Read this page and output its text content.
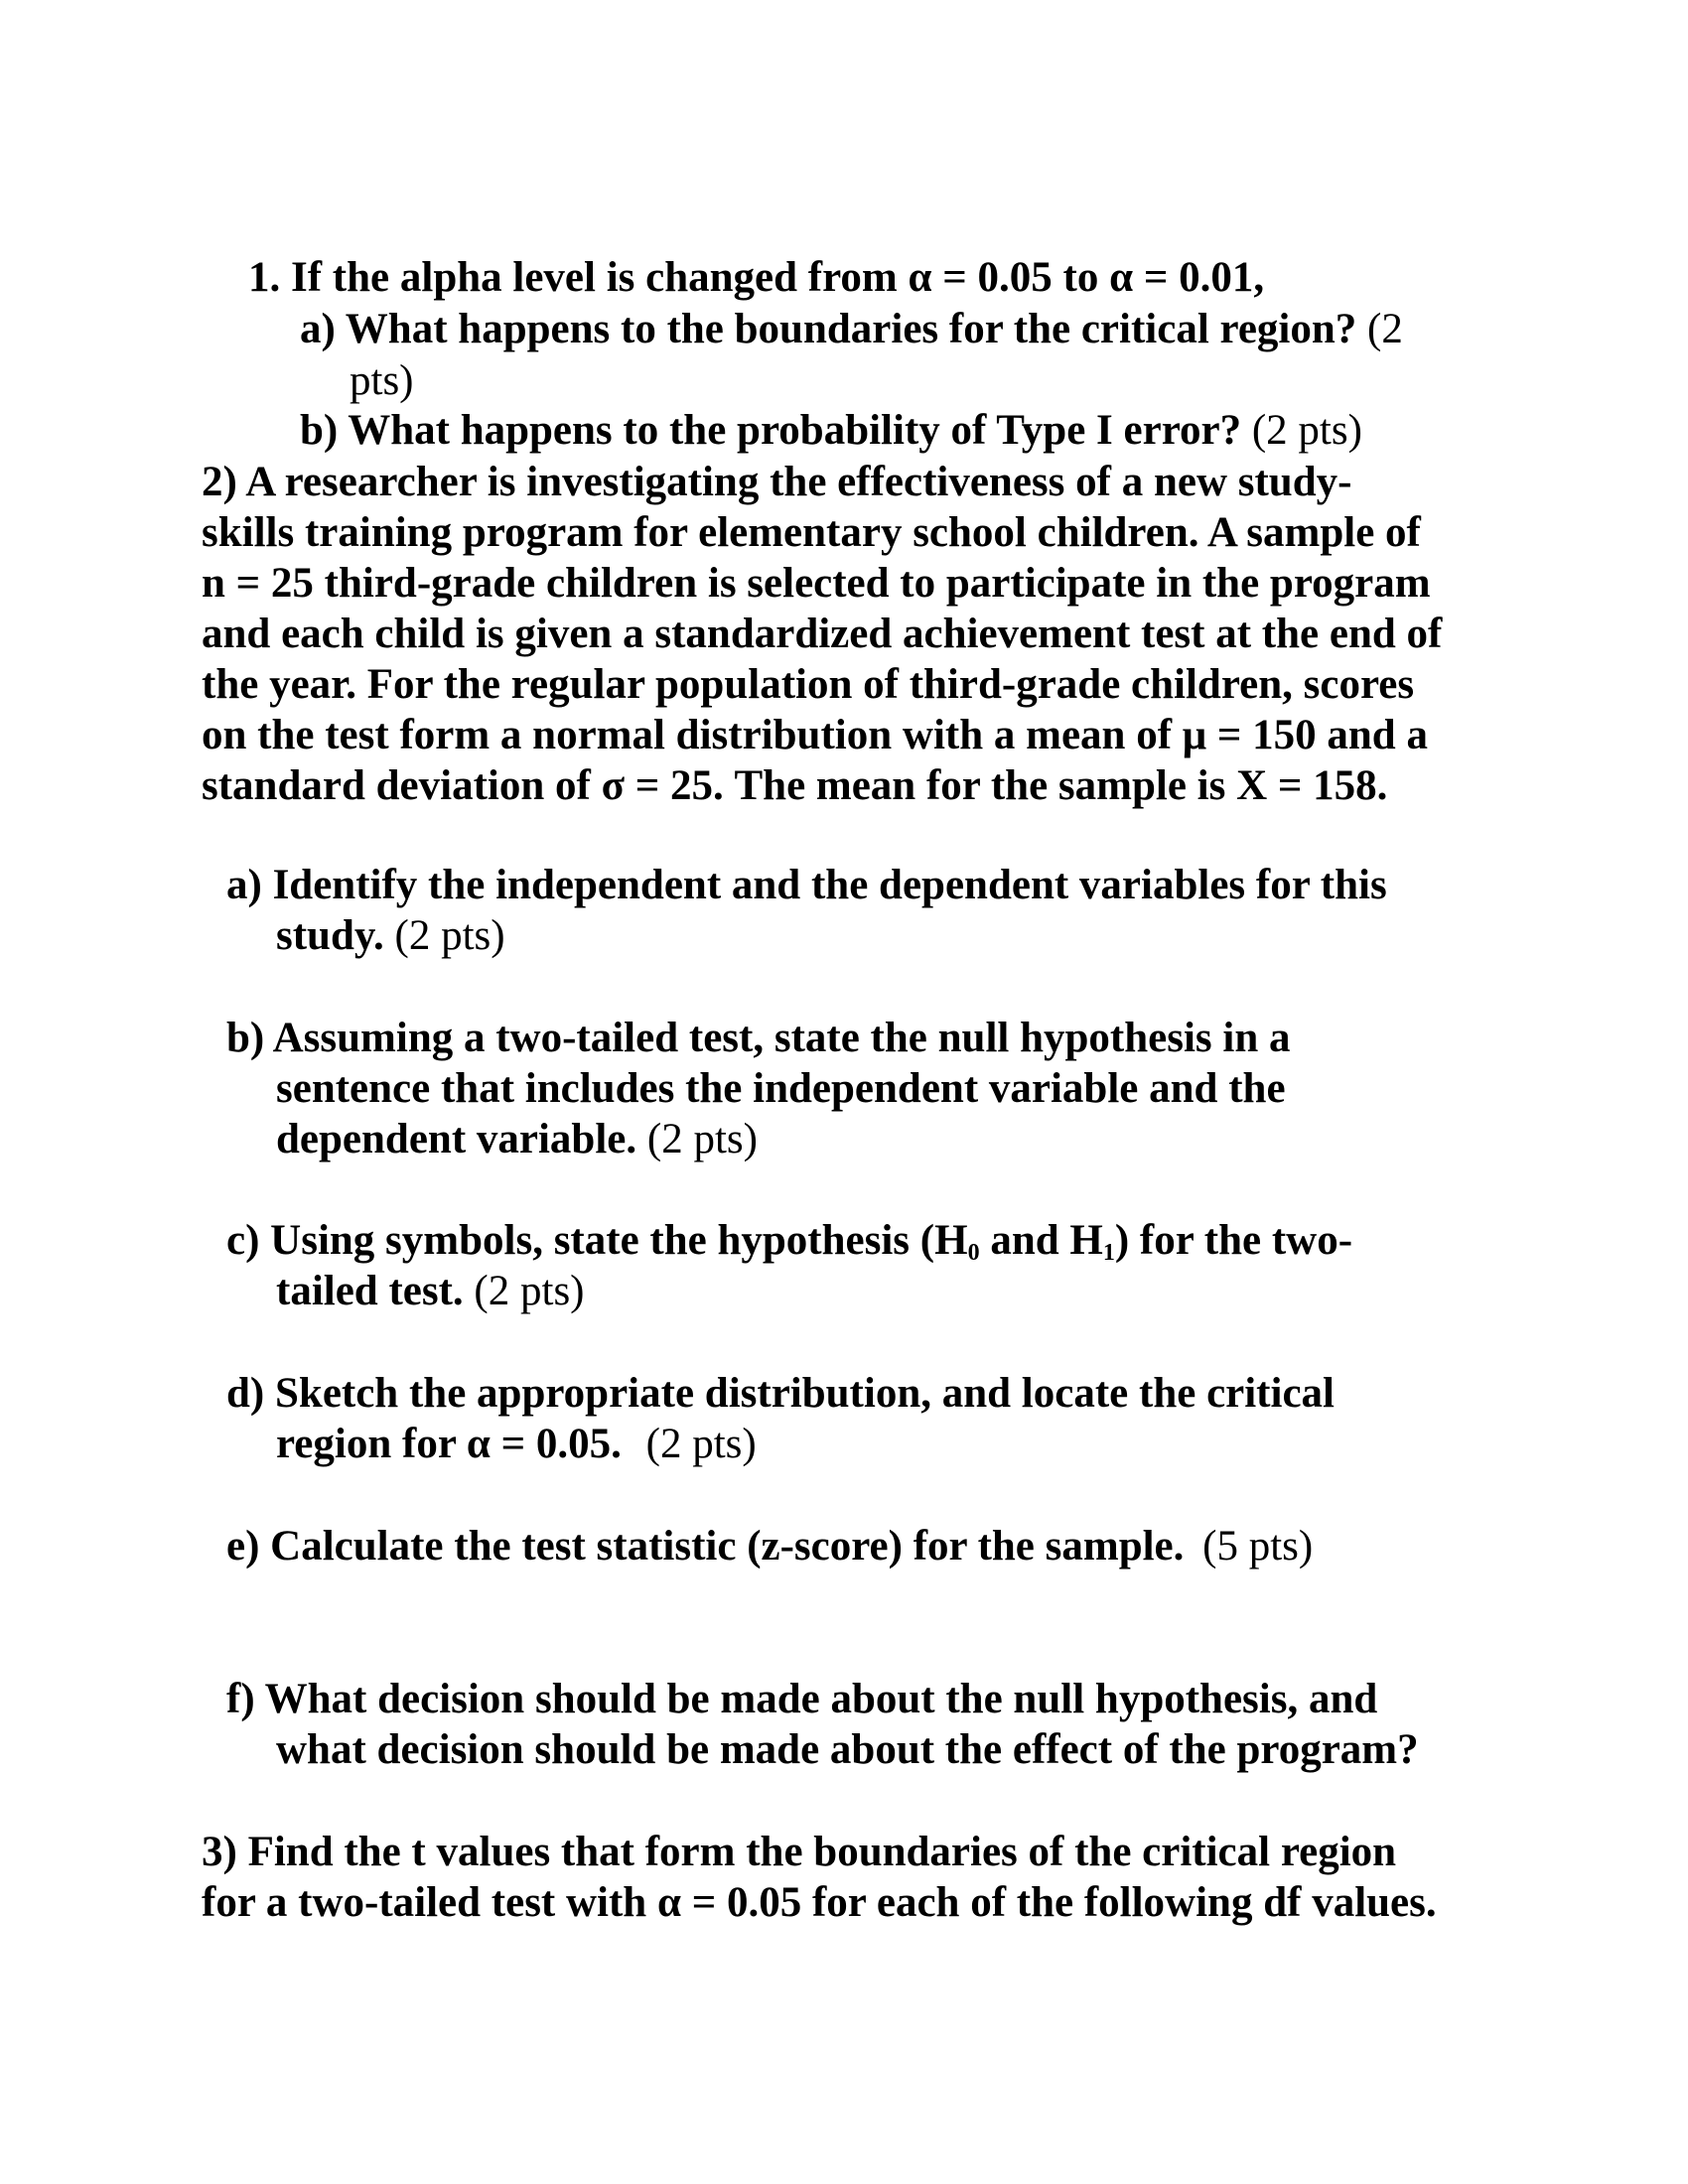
1. If the alpha level is changed from α = 0.05 to α = 0.01,
a) What happens to the boundaries for the critical region? (2
pts)
b) What happens to the probability of Type I error? (2 pts)
2) A researcher is investigating the effectiveness of a new study-
skills training program for elementary school children. A sample of
n = 25 third-grade children is selected to participate in the program
and each child is given a standardized achievement test at the end of
the year. For the regular population of third-grade children, scores
on the test form a normal distribution with a mean of μ = 150 and a
standard deviation of σ = 25. The mean for the sample is X = 158.
a) Identify the independent and the dependent variables for this
study. (2 pts)
b) Assuming a two-tailed test, state the null hypothesis in a
sentence that includes the independent variable and the
dependent variable. (2 pts)
c) Using symbols, state the hypothesis ($H_0$ and $H_1$) for the two-
tailed test. (2 pts)
d) Sketch the appropriate distribution, and locate the critical
region for α = 0.05. (2 pts)
e) Calculate the test statistic (z-score) for the sample. (5 pts)
f) What decision should be made about the null hypothesis, and
what decision should be made about the effect of the program?
3) Find the t values that form the boundaries of the critical region
for a two-tailed test with α = 0.05 for each of the following df values.
